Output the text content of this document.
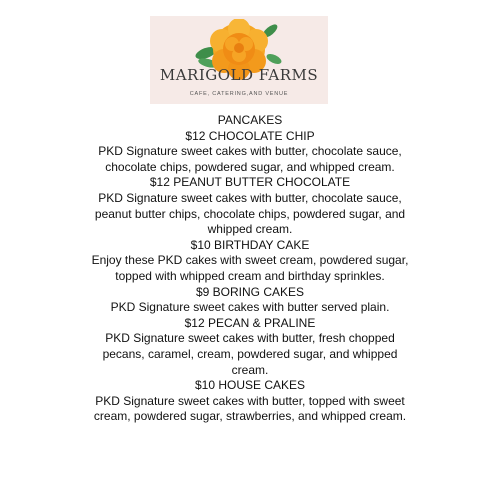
MARIGOLD FARMS
CAFE, CATERING,AND VENUE
PANCAKES
$12 CHOCOLATE CHIP
PKD Signature sweet cakes with butter, chocolate sauce,
chocolate chips, powdered sugar, and whipped cream.
$12 PEANUT BUTTER CHOCOLATE
PKD Signature sweet cakes with butter, chocolate sauce,
peanut butter chips, chocolate chips, powdered sugar, and
whipped cream.
$10 BIRTHDAY CAKE
Enjoy these PKD cakes with sweet cream, powdered sugar,
topped with whipped cream and birthday sprinkles.
$9 BORING CAKES
PKD Signature sweet cakes with butter served plain.
$12 PECAN & PRALINE
PKD Signature sweet cakes with butter, fresh chopped
pecans, caramel, cream, powdered sugar, and whipped
cream.
$10 HOUSE CAKES
PKD Signature sweet cakes with butter, topped with sweet
cream, powdered sugar, strawberries, and whipped cream.
